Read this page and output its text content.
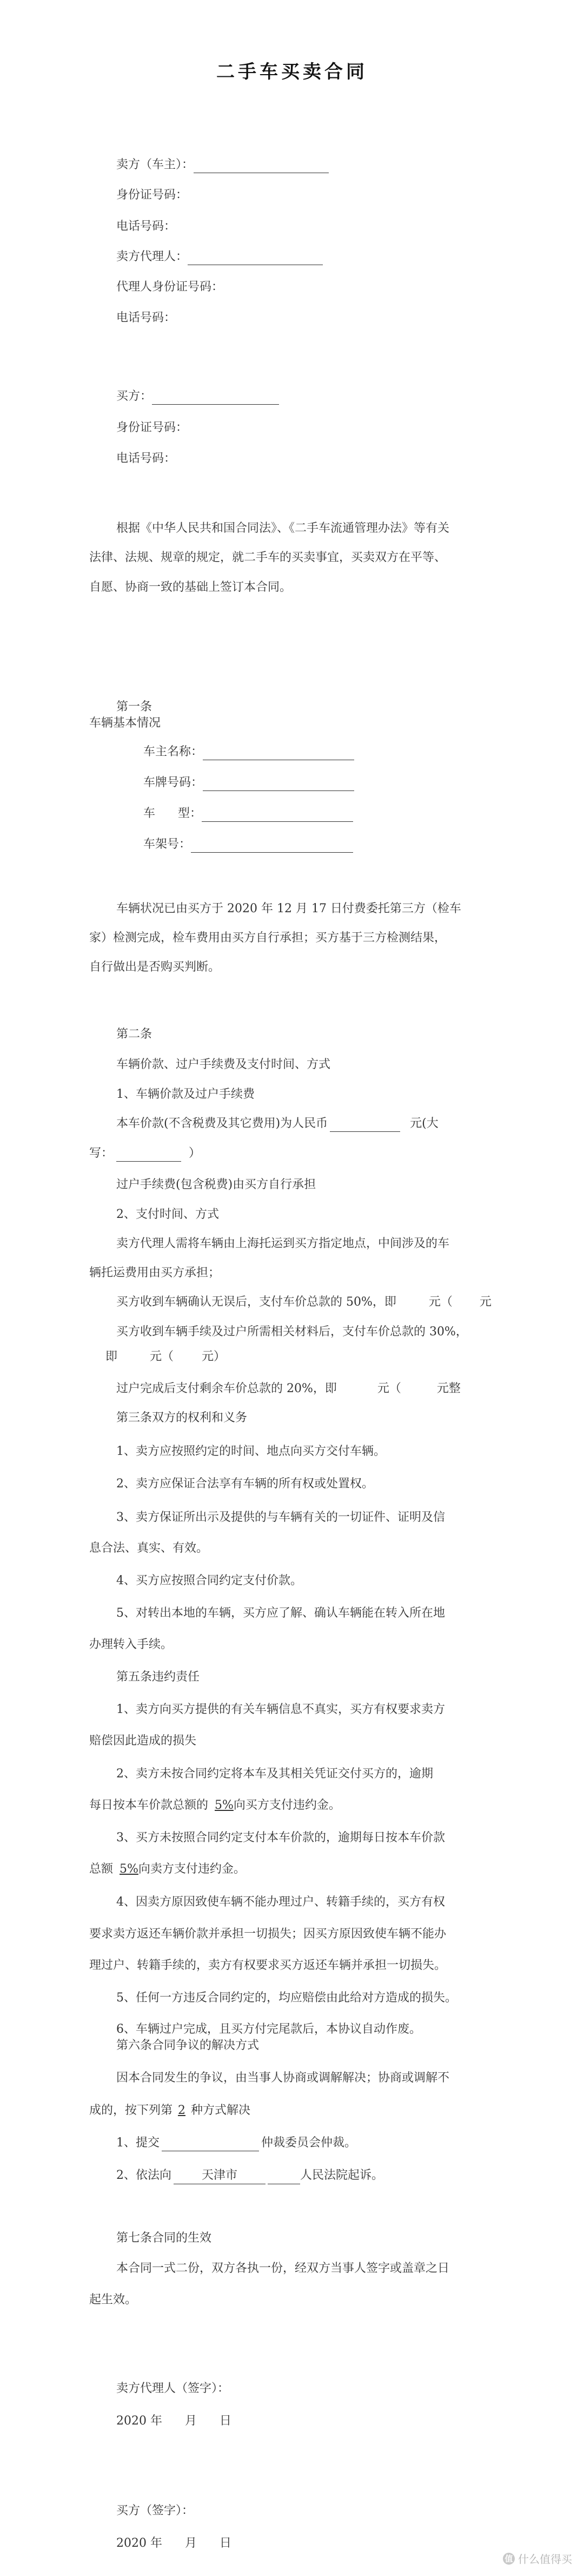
二手车买卖合同
卖方（车主）：
身份证号码：
电话号码：
卖方代理人：
代理人身份证号码：
电话号码：
买方：
身份证号码：
电话号码：
根据《中华人民共和国合同法》、《二手车流通管理办法》等有关
法律、法规、规章的规定，就二手车的买卖事宜，买卖双方在平等、
自愿、协商一致的基础上签订本合同。
第一条
车辆基本情况
车主名称：
车牌号码：
车      型：
车架号：
车辆状况已由买方于 2020 年 12 月 17 日付费委托第三方（检车
家）检测完成，检车费用由买方自行承担；买方基于三方检测结果，
自行做出是否购买判断。
第二条
车辆价款、过户手续费及支付时间、方式
1、车辆价款及过户手续费
本车价款(不含税费及其它费用)为人民币	元(大
写：	）
过户手续费(包含税费)由买方自行承担
2、支付时间、方式
卖方代理人需将车辆由上海托运到买方指定地点，中间涉及的车
辆托运费用由买方承担；
买方收到车辆确认无误后，支付车价总款的 50%，即	元（ 元
买方收到车辆手续及过户所需相关材料后，支付车价总款的 30%，
即	元（ 元）
过户完成后支付剩余车价总款的 20%，即	元（	元整
第三条双方的权利和义务
1、卖方应按照约定的时间、地点向买方交付车辆。
2、卖方应保证合法享有车辆的所有权或处置权。
3、卖方保证所出示及提供的与车辆有关的一切证件、证明及信
息合法、真实、有效。
4、买方应按照合同约定支付价款。
5、对转出本地的车辆，买方应了解、确认车辆能在转入所在地
办理转入手续。
第五条违约责任
1、卖方向买方提供的有关车辆信息不真实，买方有权要求卖方
赔偿因此造成的损失
2、卖方未按合同约定将本车及其相关凭证交付买方的，逾期
每日按本车价款总额的 5%向买方支付违约金。
3、买方未按照合同约定支付本车价款的，逾期每日按本车价款
总额 5%向卖方支付违约金。
4、因卖方原因致使车辆不能办理过户、转籍手续的，买方有权
要求卖方返还车辆价款并承担一切损失；因买方原因致使车辆不能办
理过户、转籍手续的，卖方有权要求买方返还车辆并承担一切损失。
5、任何一方违反合同约定的，均应赔偿由此给对方造成的损失。
6、车辆过户完成，且买方付完尾款后，本协议自动作废。
第六条合同争议的解决方式
因本合同发生的争议，由当事人协商或调解解决；协商或调解不
成的，按下列第 2 种方式解决
1、提交	仲裁委员会仲裁。
2、依法向	天津市	人民法院起诉。
第七条合同的生效
本合同一式二份，双方各执一份，经双方当事人签字或盖章之日
起生效。
卖方代理人（签字）：
2020 年      月      日
买方（签字）：
2020 年      月      日
值 什么值得买
